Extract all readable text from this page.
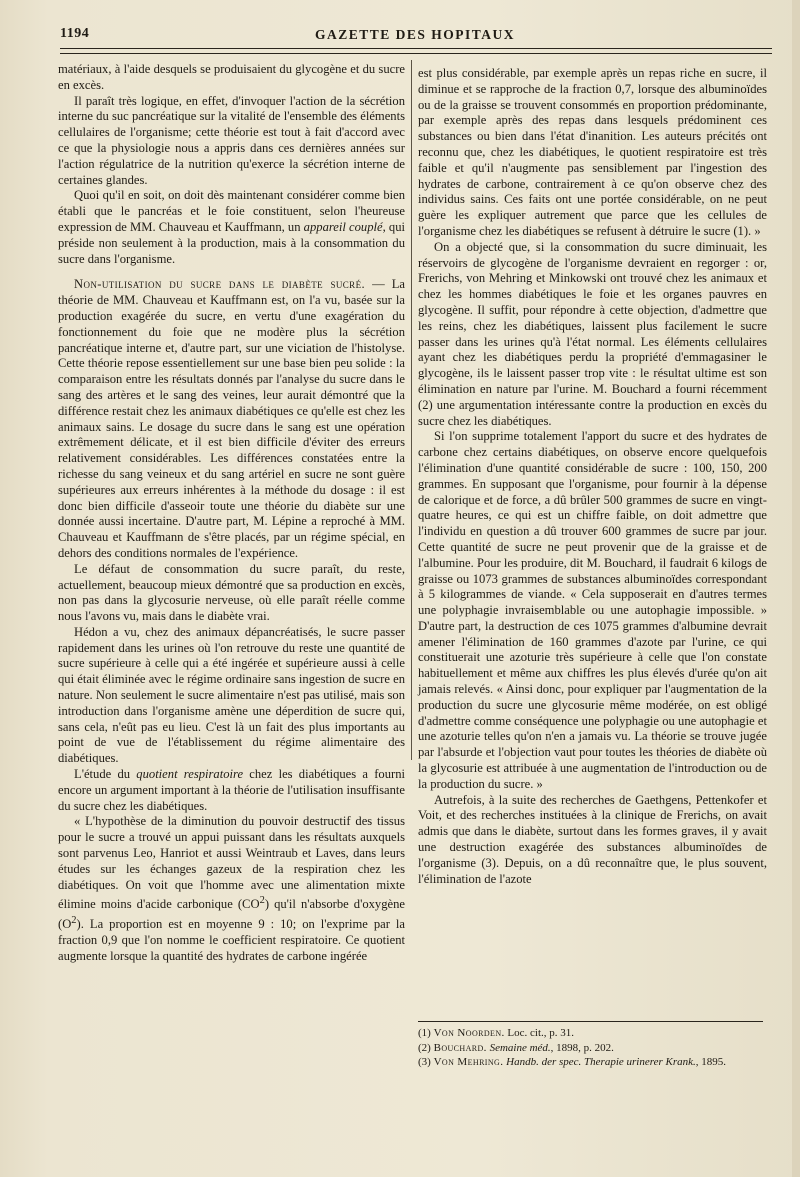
1194	GAZETTE DES HOPITAUX

matériaux, à l'aide desquels se produisaient du glycogène et du sucre en excès.

Il paraît très logique, en effet, d'invoquer l'action de la sécrétion interne du suc pancréatique sur la vitalité de l'ensemble des éléments cellulaires de l'organisme; cette théorie est tout à fait d'accord avec ce que la physiologie nous a appris dans ces dernières années sur l'action régulatrice de la nutrition qu'exerce la sécrétion interne de certaines glandes.

Quoi qu'il en soit, on doit dès maintenant considérer comme bien établi que le pancréas et le foie constituent, selon l'heureuse expression de MM. Chauveau et Kauffmann, un appareil couplé, qui préside non seulement à la production, mais à la consommation du sucre dans l'organisme.

Non-utilisation du sucre dans le diabète sucré. — La théorie de MM. Chauveau et Kauffmann est, on l'a vu, basée sur la production exagérée du sucre, en vertu d'une exagération du fonctionnement du foie que ne modère plus la sécrétion pancréatique interne et, d'autre part, sur une viciation de l'histolyse. Cette théorie repose essentiellement sur une base bien peu solide : la comparaison entre les résultats donnés par l'analyse du sucre dans le sang des artères et le sang des veines, leur aurait démontré que la différence restait chez les animaux diabétiques ce qu'elle est chez les animaux sains. Le dosage du sucre dans le sang est une opération extrêmement délicate, et il est bien difficile d'éviter des erreurs relativement considérables. Les différences constatées entre la richesse du sang veineux et du sang artériel en sucre ne sont guère supérieures aux erreurs inhérentes à la méthode du dosage : il est donc bien difficile d'asseoir toute une théorie du diabète sur une donnée aussi incertaine. D'autre part, M. Lépine a reproché à MM. Chauveau et Kauffmann de s'être placés, par un régime spécial, en dehors des conditions normales de l'expérience.

Le défaut de consommation du sucre paraît, du reste, actuellement, beaucoup mieux démontré que sa production en excès, non pas dans la glycosurie nerveuse, où elle paraît réelle comme nous l'avons vu, mais dans le diabète vrai.

Hédon a vu, chez des animaux dépancréatisés, le sucre passer rapidement dans les urines où l'on retrouve du reste une quantité de sucre supérieure à celle qui a été ingérée et supérieure aussi à celle qui était éliminée avec le régime ordinaire sans ingestion de sucre en nature. Non seulement le sucre alimentaire n'est pas utilisé, mais son introduction dans l'organisme amène une déperdition de sucre qui, sans cela, n'eût pas eu lieu. C'est là un fait des plus importants au point de vue de l'établissement du régime alimentaire des diabétiques.

L'étude du quotient respiratoire chez les diabétiques a fourni encore un argument important à la théorie de l'utilisation insuffisante du sucre chez les diabétiques.

« L'hypothèse de la diminution du pouvoir destructif des tissus pour le sucre a trouvé un appui puissant dans les résultats auxquels sont parvenus Leo, Hanriot et aussi Weintraub et Laves, dans leurs études sur les échanges gazeux de la respiration chez les diabétiques. On voit que l'homme avec une alimentation mixte élimine moins d'acide carbonique $(CO^2)$ qu'il n'absorbe d'oxygène $(O^2)$. La proportion est en moyenne 9 : 10; on l'exprime par la fraction 0,9 que l'on nomme le coefficient respiratoire. Ce quotient augmente lorsque la quantité des hydrates de carbone ingérée

est plus considérable, par exemple après un repas riche en sucre, il diminue et se rapproche de la fraction 0,7, lorsque des albuminoïdes ou de la graisse se trouvent consommés en proportion prédominante, par exemple après des repas dans lesquels prédominent ces substances ou bien dans l'état d'inanition. Les auteurs précités ont reconnu que, chez les diabétiques, le quotient respiratoire est très faible et qu'il n'augmente pas sensiblement par l'ingestion des hydrates de carbone, contrairement à ce qu'on observe chez des individus sains. Ces faits ont une portée considérable, on ne peut guère les expliquer autrement que parce que les cellules de l'organisme chez les diabétiques se refusent à détruire le sucre (1). »

On a objecté que, si la consommation du sucre diminuait, les réservoirs de glycogène de l'organisme devraient en regorger : or, Frerichs, von Mehring et Minkowski ont trouvé chez les animaux et chez les hommes diabétiques le foie et les organes pauvres en glycogène. Il suffit, pour répondre à cette objection, d'admettre que les reins, chez les diabétiques, laissent plus facilement le sucre passer dans les urines qu'à l'état normal. Les éléments cellulaires ayant chez les diabétiques perdu la propriété d'emmagasiner le glycogène, ils le laissent passer trop vite : le résultat ultime est son élimination en nature par l'urine. M. Bouchard a fourni récemment (2) une argumentation intéressante contre la production en excès du sucre chez les diabétiques.

Si l'on supprime totalement l'apport du sucre et des hydrates de carbone chez certains diabétiques, on observe encore quelquefois l'élimination d'une quantité considérable de sucre : 100, 150, 200 grammes. En supposant que l'organisme, pour fournir à la dépense de calorique et de force, a dû brûler 500 grammes de sucre en vingt-quatre heures, ce qui est un chiffre faible, on doit admettre que l'individu en question a dû trouver 600 grammes de sucre par jour. Cette quantité de sucre ne peut provenir que de la graisse et de l'albumine. Pour les produire, dit M. Bouchard, il faudrait 6 kilogs de graisse ou 1073 grammes de substances albuminoïdes correspondant à 5 kilogrammes de viande. « Cela supposerait en d'autres termes une polyphagie invraisemblable ou une autophagie impossible. » D'autre part, la destruction de ces 1075 grammes d'albumine devrait amener l'élimination de 160 grammes d'azote par l'urine, ce qui constituerait une azoturie très supérieure à celle que l'on constate habituellement et même aux chiffres les plus élevés d'urée qu'on ait jamais relevés. « Ainsi donc, pour expliquer par l'augmentation de la production du sucre une glycosurie même modérée, on est obligé d'admettre comme conséquence une polyphagie ou une autophagie et une azoturie telles qu'on n'en a jamais vu. La théorie se trouve jugée par l'absurde et l'objection vaut pour toutes les théories de diabète où la glycosurie est attribuée à une augmentation de l'introduction ou de la production du sucre. »

Autrefois, à la suite des recherches de Gaethgens, Pettenkofer et Voit, et des recherches instituées à la clinique de Frerichs, on avait admis que dans le diabète, surtout dans les formes graves, il y avait une destruction exagérée des substances albuminoïdes de l'organisme (3). Depuis, on a dû reconnaître que, le plus souvent, l'élimination de l'azote

(1) Von Noorden. Loc. cit., p. 31.
(2) Bouchard. Semaine méd., 1898, p. 202.
(3) Von Mehring. Handb. der spec. Therapie urinerer Krank., 1895.
